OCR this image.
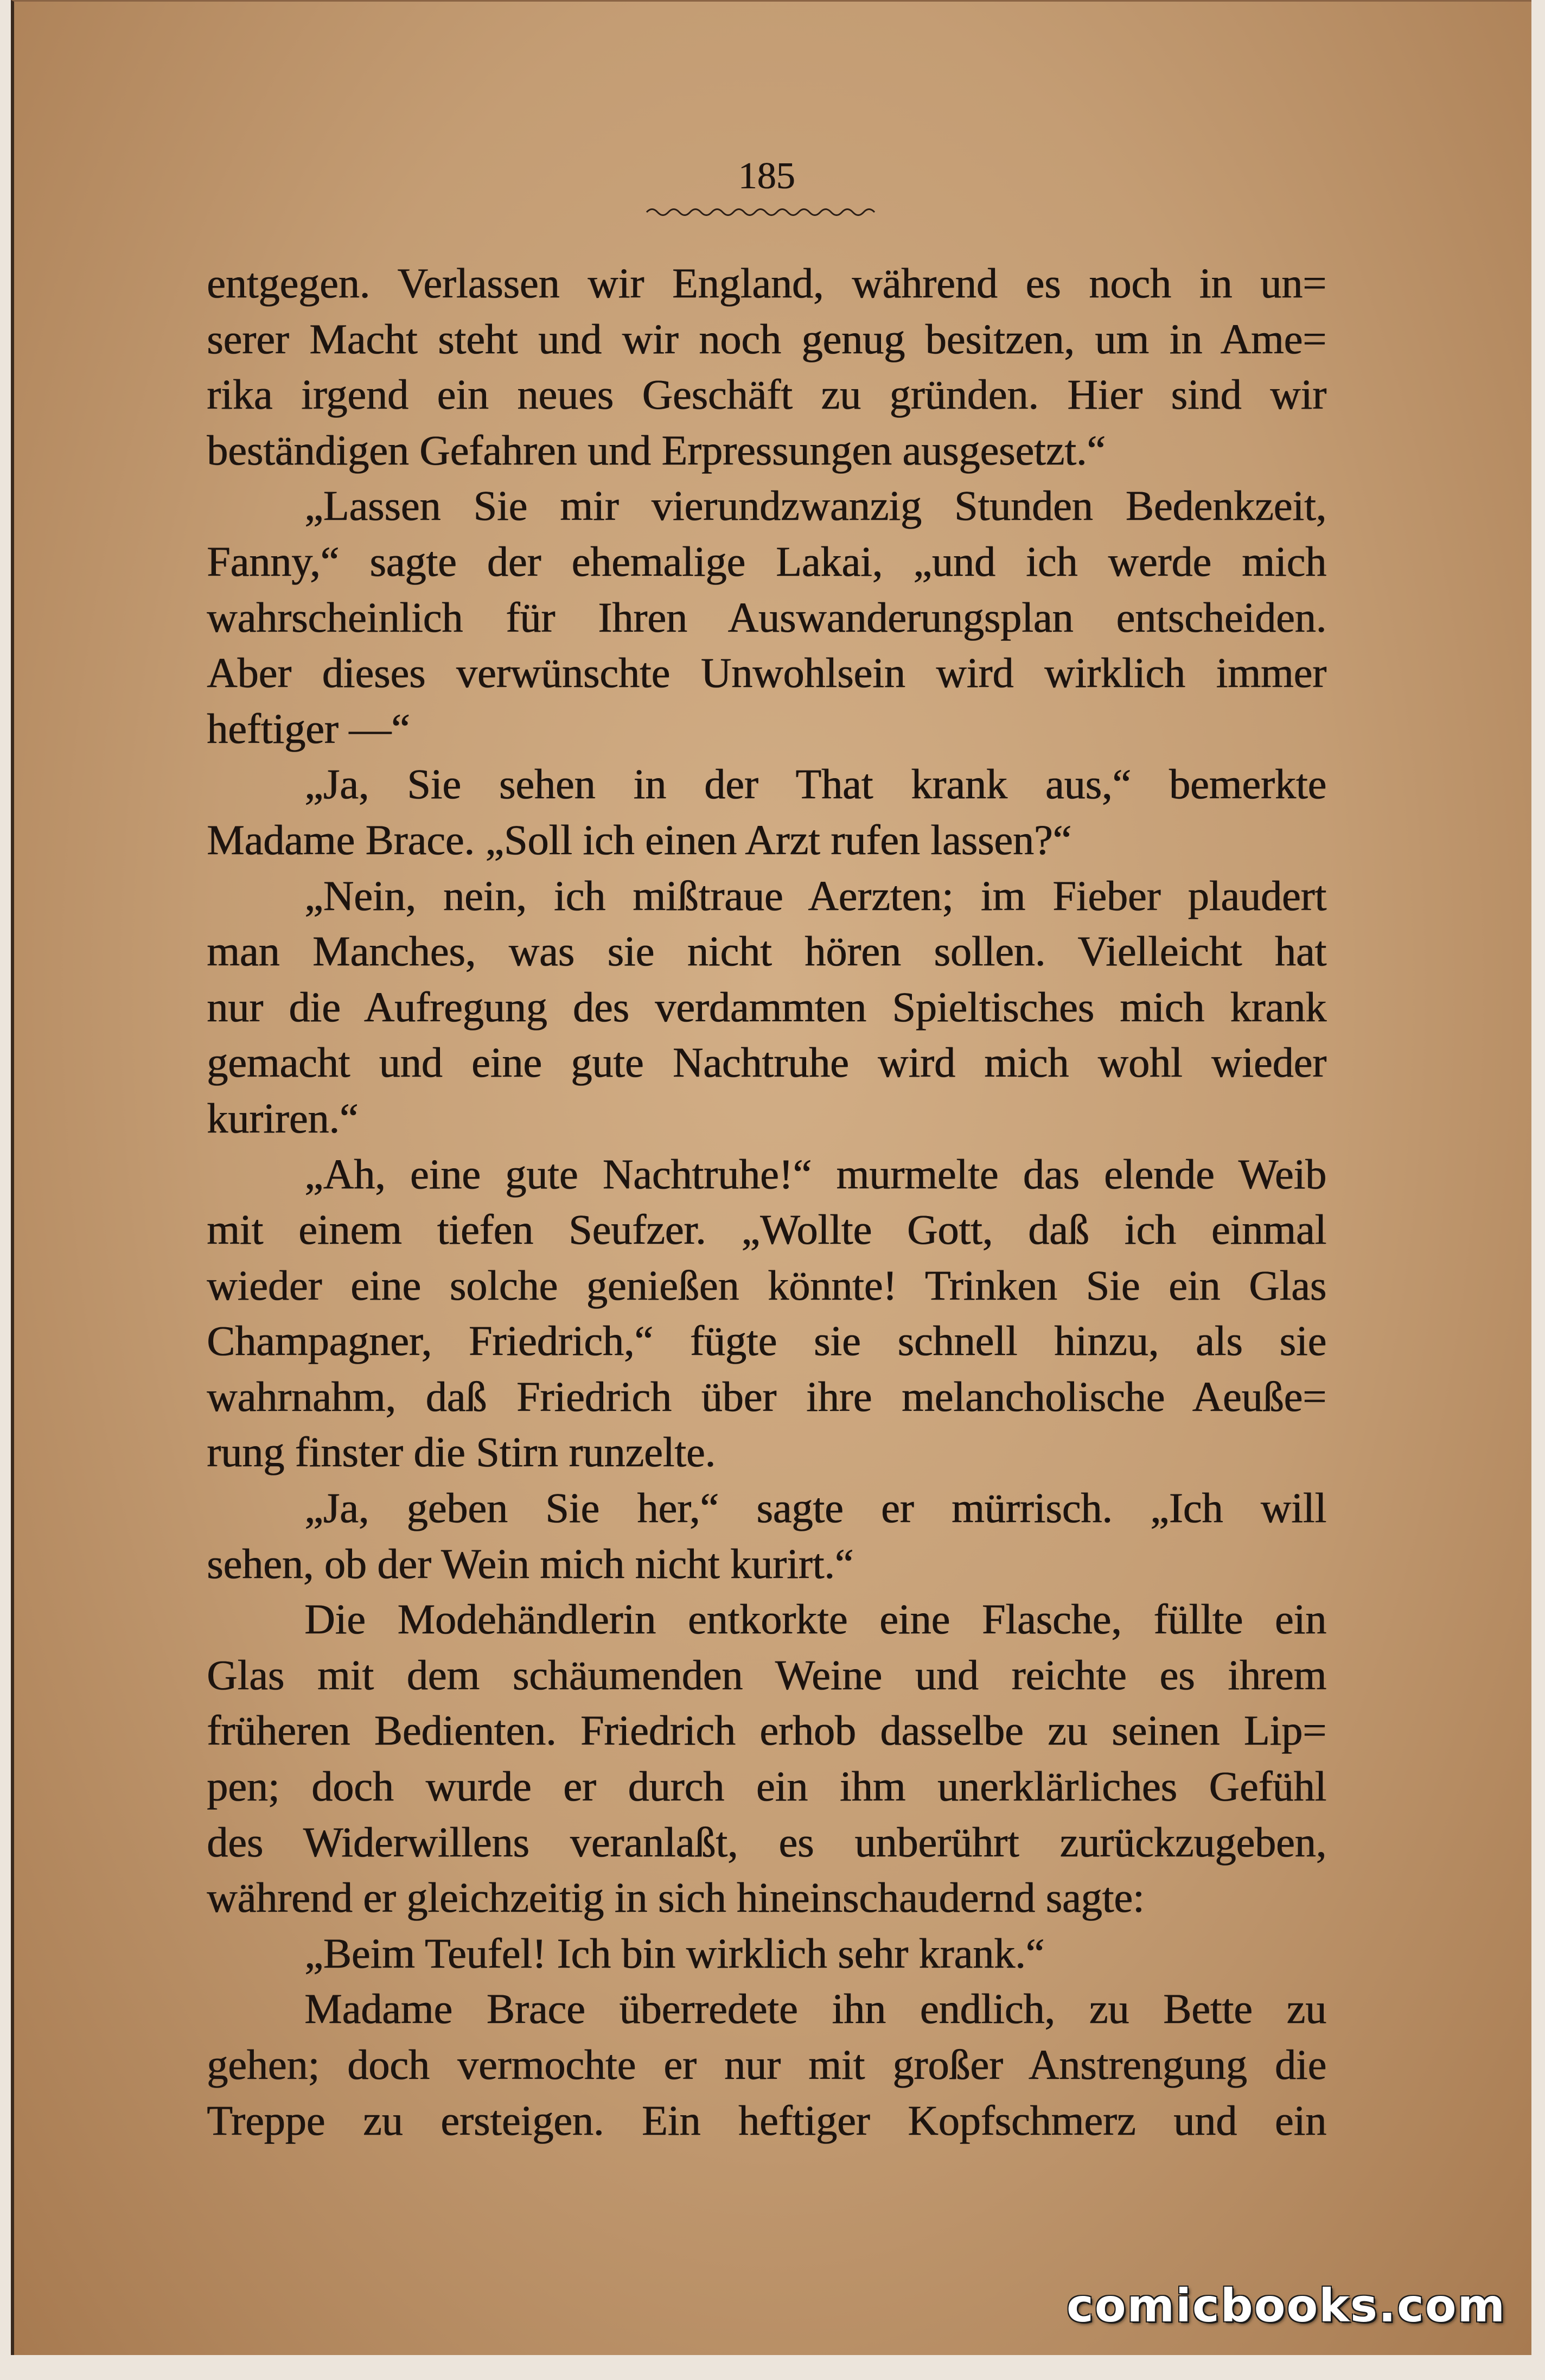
185
entgegen. Verlassen wir England, während es noch in un=
serer Macht steht und wir noch genug besitzen, um in Ame=
rika irgend ein neues Geschäft zu gründen. Hier sind wir
beständigen Gefahren und Erpressungen ausgesetzt.“
„Lassen Sie mir vierundzwanzig Stunden Bedenkzeit,
Fanny,“ sagte der ehemalige Lakai, „und ich werde mich
wahrscheinlich für Ihren Auswanderungsplan entscheiden.
Aber dieses verwünschte Unwohlsein wird wirklich immer
heftiger —“
„Ja, Sie sehen in der That krank aus,“ bemerkte
Madame Brace. „Soll ich einen Arzt rufen lassen?“
„Nein, nein, ich mißtraue Aerzten; im Fieber plaudert
man Manches, was sie nicht hören sollen. Vielleicht hat
nur die Aufregung des verdammten Spieltisches mich krank
gemacht und eine gute Nachtruhe wird mich wohl wieder
kuriren.“
„Ah, eine gute Nachtruhe!“ murmelte das elende Weib
mit einem tiefen Seufzer. „Wollte Gott, daß ich einmal
wieder eine solche genießen könnte! Trinken Sie ein Glas
Champagner, Friedrich,“ fügte sie schnell hinzu, als sie
wahrnahm, daß Friedrich über ihre melancholische Aeuße=
rung finster die Stirn runzelte.
„Ja, geben Sie her,“ sagte er mürrisch. „Ich will
sehen, ob der Wein mich nicht kurirt.“
Die Modehändlerin entkorkte eine Flasche, füllte ein
Glas mit dem schäumenden Weine und reichte es ihrem
früheren Bedienten. Friedrich erhob dasselbe zu seinen Lip=
pen; doch wurde er durch ein ihm unerklärliches Gefühl
des Widerwillens veranlaßt, es unberührt zurückzugeben,
während er gleichzeitig in sich hineinschaudernd sagte:
„Beim Teufel! Ich bin wirklich sehr krank.“
Madame Brace überredete ihn endlich, zu Bette zu
gehen; doch vermochte er nur mit großer Anstrengung die
Treppe zu ersteigen. Ein heftiger Kopfschmerz und ein
comicbooks.com
